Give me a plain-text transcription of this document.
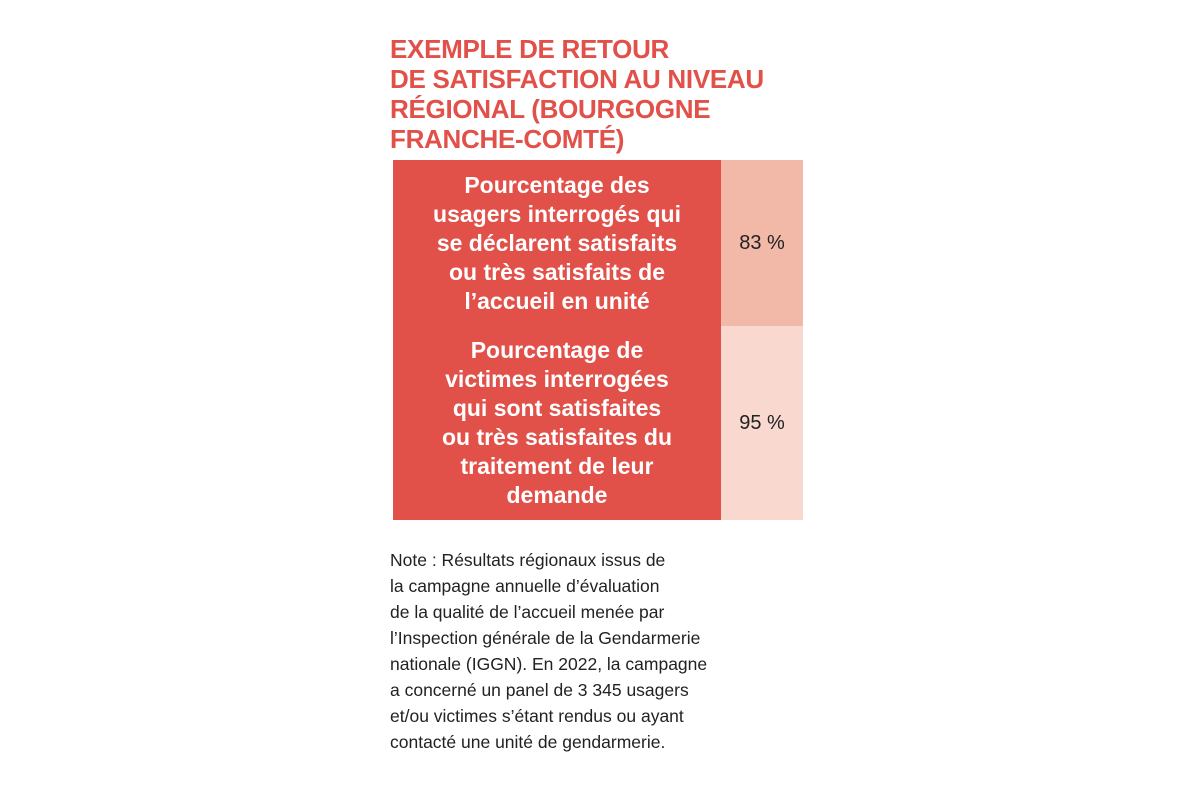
EXEMPLE DE RETOUR
DE SATISFACTION AU NIVEAU
RÉGIONAL (BOURGOGNE
FRANCHE-COMTÉ)
Pourcentage des
usagers interrogés qui
se déclarent satisfaits
ou très satisfaits de
l’accueil en unité
83 %
Pourcentage de
victimes interrogées
qui sont satisfaites
ou très satisfaites du
traitement de leur
demande
95 %

Note : Résultats régionaux issus de
la campagne annuelle d’évaluation
de la qualité de l’accueil menée par
l’Inspection générale de la Gendarmerie
nationale (IGGN). En 2022, la campagne
a concerné un panel de 3 345 usagers
et/ou victimes s’étant rendus ou ayant
contacté une unité de gendarmerie.
